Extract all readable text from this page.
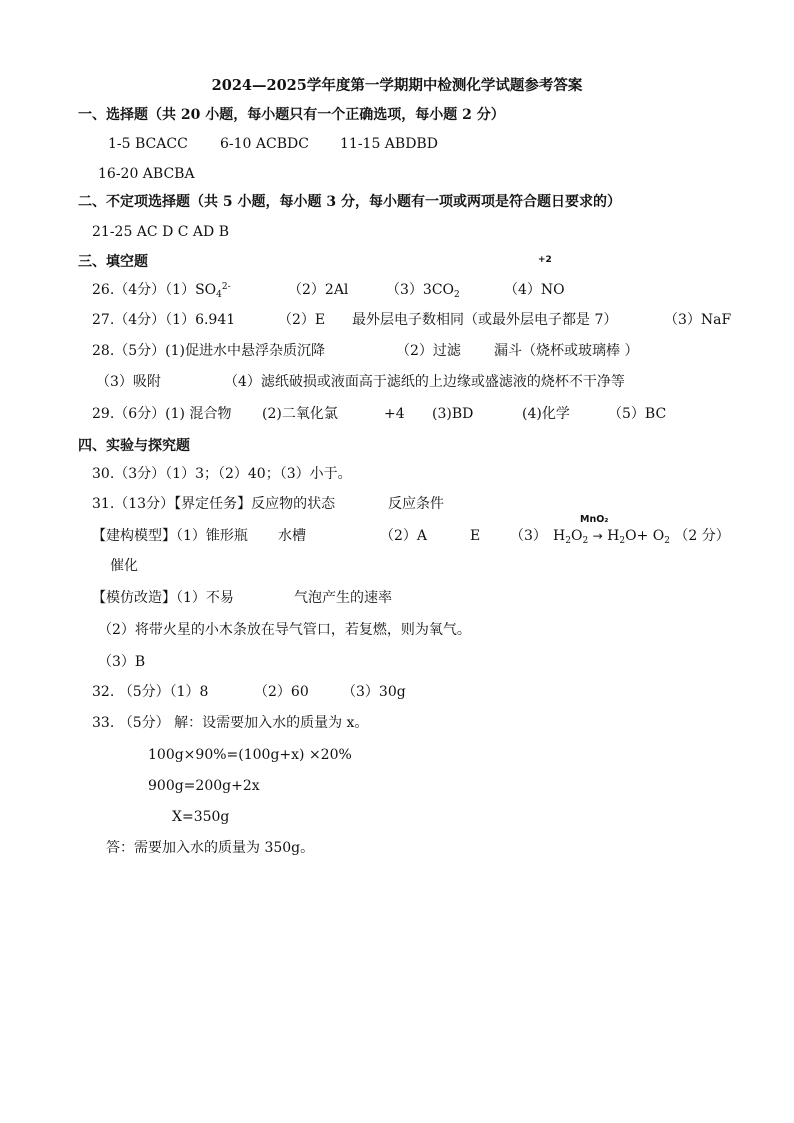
2024—2025学年度第一学期期中检测化学试题参考答案
一、选择题（共 20 小题，每小题只有一个正确选项，每小题 2 分）
1-5 BCACC 6-10 ACBDC 11-15 ABDBD
16-20 ABCBA
二、不定项选择题（共 5 小题，每小题 3 分，每小题有一项或两项是符合题日要求的）
21-25 AC D C AD B
三、填空题	+2
26.（4分）$(1)SO_4^{2-}$	（2）2Al	$(3)3CO_2$	（4）NO
27.（4分）（1）6.941	（2）E 最外层电子数相同（或最外层电子都是 7）	（3）NaF
28.（5分）(1)促进水中悬浮杂质沉降	（2）过滤 漏斗（烧杯或玻璃棒 ）
（3）吸附	（4）滤纸破损或液面高于滤纸的上边缘或盛滤液的烧杯不干净等
29.（6分）(1) 混合物 (2)二氧化氯	+4 (3)BD	(4)化学	（5）BC
四、实验与探究题
30.（3分）（1）3；（2）40；（3）小于。
31.（13分）【界定任务】反应物的状态	反应条件
MnO₂
【建构模型】（1）锥形瓶 水槽	（2）A	E （3） $H_2O_2 \to H_2O+ O_2$ （2 分）
催化
【模仿改造】（1）不易	气泡产生的速率
（2）将带火星的小木条放在导气管口，若复燃，则为氧气。
（3）B
32. （5分）（1）8	（2）60 （3）30g
33. （5分） 解：设需要加入水的质量为 x。
100g×90%=(100g+x) ×20%
900g=200g+2x
X=350g
答：需要加入水的质量为 350g。
